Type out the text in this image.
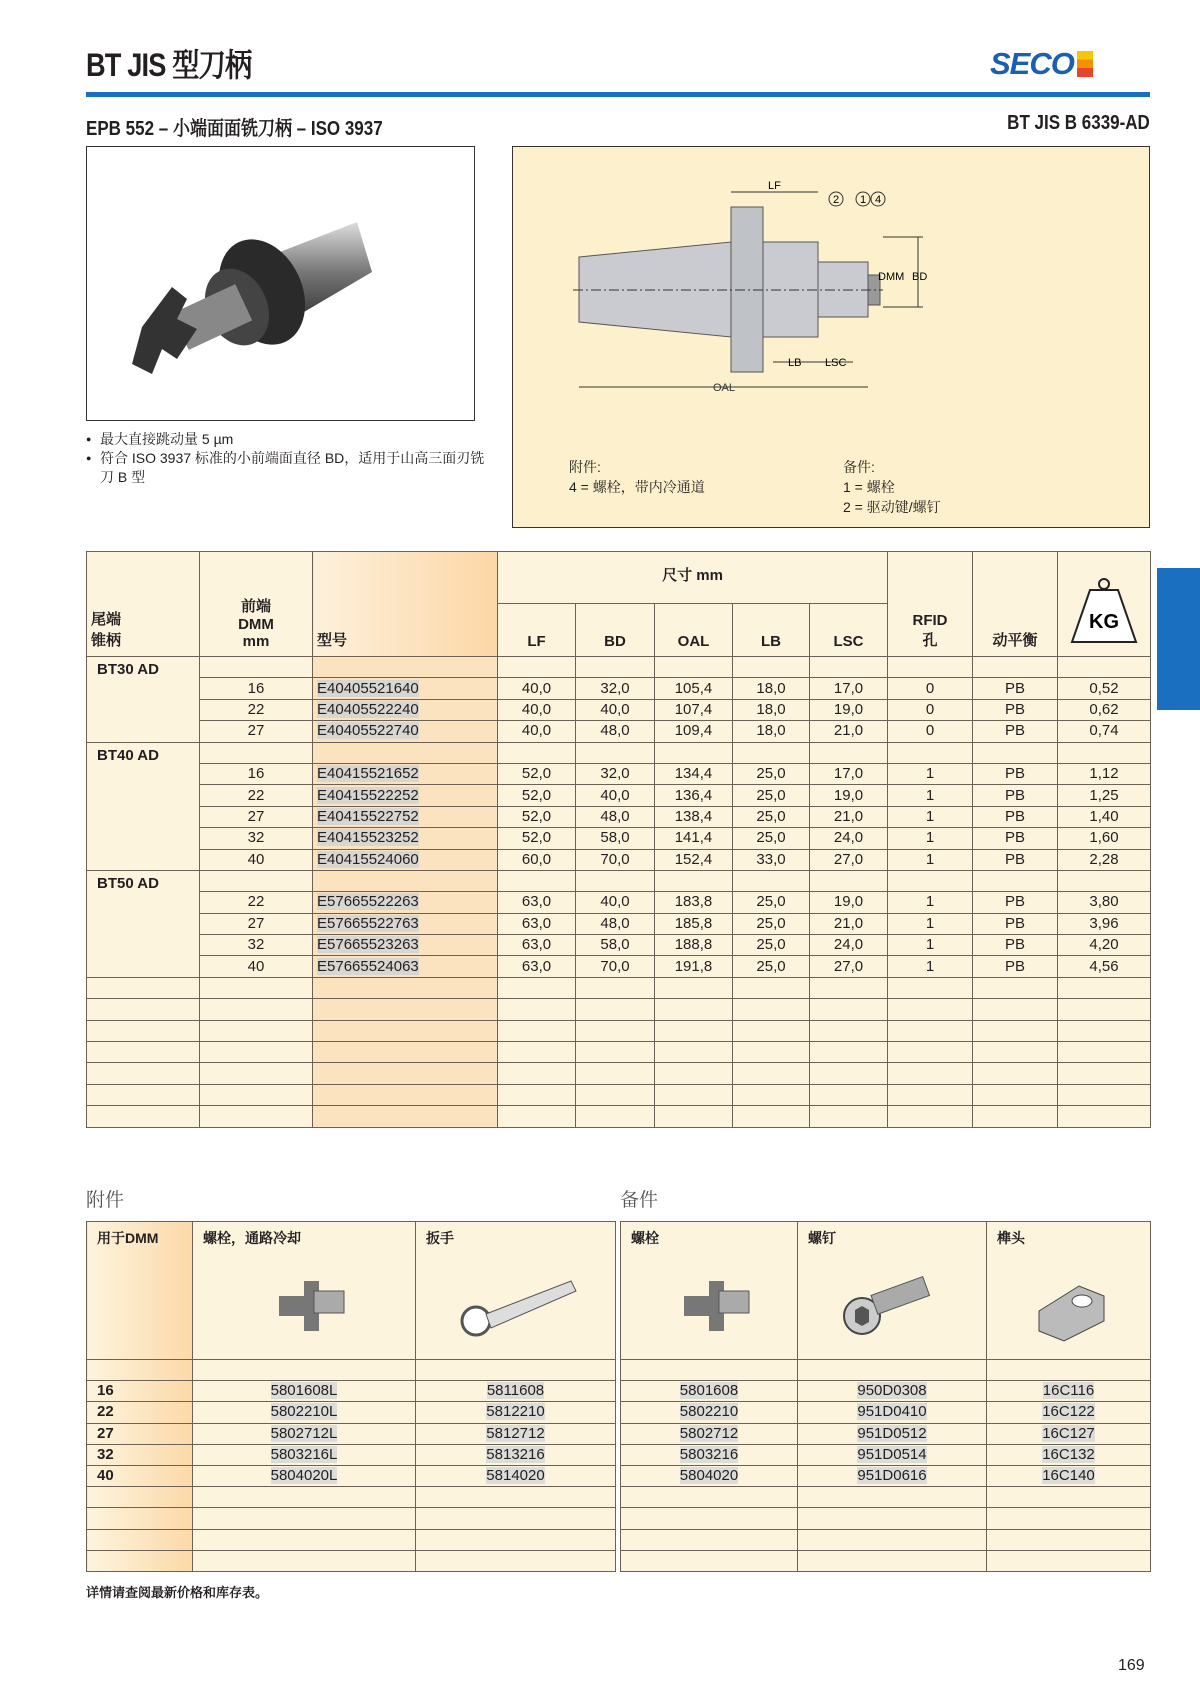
BT JIS 型刀柄	SECO
EPB 552 – 小端面面铣刀柄 – ISO 3937	BT JIS B 6339-AD
● 最大直接跳动量 5 µm
● 符合 ISO 3937 标准的小前端面直径 BD，适用于山高三面刃铣刀 B 型
LF
OAL
LB LSC
DMM BD
2 1 4
附件:
4 = 螺栓，带内冷通道
备件:
1 = 螺栓
2 = 驱动键/螺钉
尾端
锥柄	前端
DMM
mm	型号	尺寸 mm					RFID
孔	动平衡	KG

			LF	BD	OAL	LB	LSC			
BT30 AD										
	16	E40405521640	40,0	32,0	105,4	18,0	17,0	0	PB	0,52
	22	E40405522240	40,0	40,0	107,4	18,0	19,0	0	PB	0,62
	27	E40405522740	40,0	48,0	109,4	18,0	21,0	0	PB	0,74
BT40 AD										
	16	E40415521652	52,0	32,0	134,4	25,0	17,0	1	PB	1,12
	22	E40415522252	52,0	40,0	136,4	25,0	19,0	1	PB	1,25
	27	E40415522752	52,0	48,0	138,4	25,0	21,0	1	PB	1,40
	32	E40415523252	52,0	58,0	141,4	25,0	24,0	1	PB	1,60
	40	E40415524060	60,0	70,0	152,4	33,0	27,0	1	PB	2,28
BT50 AD										
	22	E57665522263	63,0	40,0	183,8	25,0	19,0	1	PB	3,80
	27	E57665522763	63,0	48,0	185,8	25,0	21,0	1	PB	3,96
	32	E57665523263	63,0	58,0	188,8	25,0	24,0	1	PB	4,20
	40	E57665524063	63,0	70,0	191,8	25,0	27,0	1	PB	4,56

附件	备件
用于DMM	螺栓，通路冷却	扳手

16	5801608L	5811608
22	5802210L	5812210
27	5802712L	5812712
32	5803216L	5813216
40	5804020L	5814020

螺栓	螺钉	榫头

5801608	950D0308	16C116
5802210	951D0410	16C122
5802712	951D0512	16C127
5803216	951D0514	16C132
5804020	951D0616	16C140

详情请查阅最新价格和库存表。
169
